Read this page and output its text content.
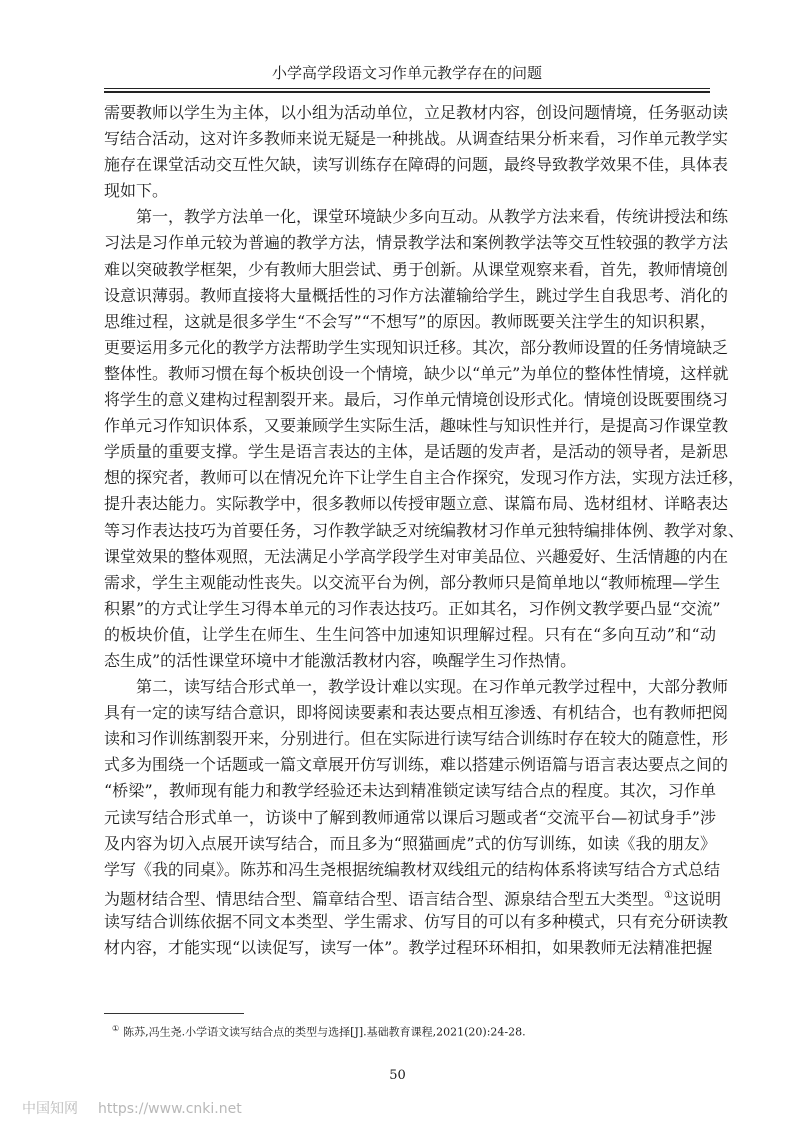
小学高学段语文习作单元教学存在的问题
需要教师以学生为主体，以小组为活动单位，立足教材内容，创设问题情境，任务驱动读
写结合活动，这对许多教师来说无疑是一种挑战。从调查结果分析来看，习作单元教学实
施存在课堂活动交互性欠缺，读写训练存在障碍的问题，最终导致教学效果不佳，具体表
现如下。
第一，教学方法单一化，课堂环境缺少多向互动。从教学方法来看，传统讲授法和练
习法是习作单元较为普遍的教学方法，情景教学法和案例教学法等交互性较强的教学方法
难以突破教学框架，少有教师大胆尝试、勇于创新。从课堂观察来看，首先，教师情境创
设意识薄弱。教师直接将大量概括性的习作方法灌输给学生，跳过学生自我思考、消化的
思维过程，这就是很多学生“不会写”“不想写”的原因。教师既要关注学生的知识积累，
更要运用多元化的教学方法帮助学生实现知识迁移。其次，部分教师设置的任务情境缺乏
整体性。教师习惯在每个板块创设一个情境，缺少以“单元”为单位的整体性情境，这样就
将学生的意义建构过程割裂开来。最后，习作单元情境创设形式化。情境创设既要围绕习
作单元习作知识体系，又要兼顾学生实际生活，趣味性与知识性并行，是提高习作课堂教
学质量的重要支撑。学生是语言表达的主体，是话题的发声者，是活动的领导者，是新思
想的探究者，教师可以在情况允许下让学生自主合作探究，发现习作方法，实现方法迁移，
提升表达能力。实际教学中，很多教师以传授审题立意、谋篇布局、选材组材、详略表达
等习作表达技巧为首要任务，习作教学缺乏对统编教材习作单元独特编排体例、教学对象、
课堂效果的整体观照，无法满足小学高学段学生对审美品位、兴趣爱好、生活情趣的内在
需求，学生主观能动性丧失。以交流平台为例，部分教师只是简单地以“教师梳理—学生
积累”的方式让学生习得本单元的习作表达技巧。正如其名，习作例文教学要凸显“交流”
的板块价值，让学生在师生、生生问答中加速知识理解过程。只有在“多向互动”和“动
态生成”的活性课堂环境中才能激活教材内容，唤醒学生习作热情。
第二，读写结合形式单一，教学设计难以实现。在习作单元教学过程中，大部分教师
具有一定的读写结合意识，即将阅读要素和表达要点相互渗透、有机结合，也有教师把阅
读和习作训练割裂开来，分别进行。但在实际进行读写结合训练时存在较大的随意性，形
式多为围绕一个话题或一篇文章展开仿写训练，难以搭建示例语篇与语言表达要点之间的
“桥梁”，教师现有能力和教学经验还未达到精准锁定读写结合点的程度。其次，习作单
元读写结合形式单一，访谈中了解到教师通常以课后习题或者“交流平台—初试身手”涉
及内容为切入点展开读写结合，而且多为“照猫画虎”式的仿写训练，如读《我的朋友》
学写《我的同桌》。陈苏和冯生尧根据统编教材双线组元的结构体系将读写结合方式总结
为题材结合型、情思结合型、篇章结合型、语言结合型、源泉结合型五大类型。①这说明
读写结合训练依据不同文本类型、学生需求、仿写目的可以有多种模式，只有充分研读教
材内容，才能实现“以读促写，读写一体”。教学过程环环相扣，如果教师无法精准把握
① 陈苏,冯生尧.小学语文读写结合点的类型与选择[J].基础教育课程,2021(20):24-28.
50
中国知网 https://www.cnki.net
